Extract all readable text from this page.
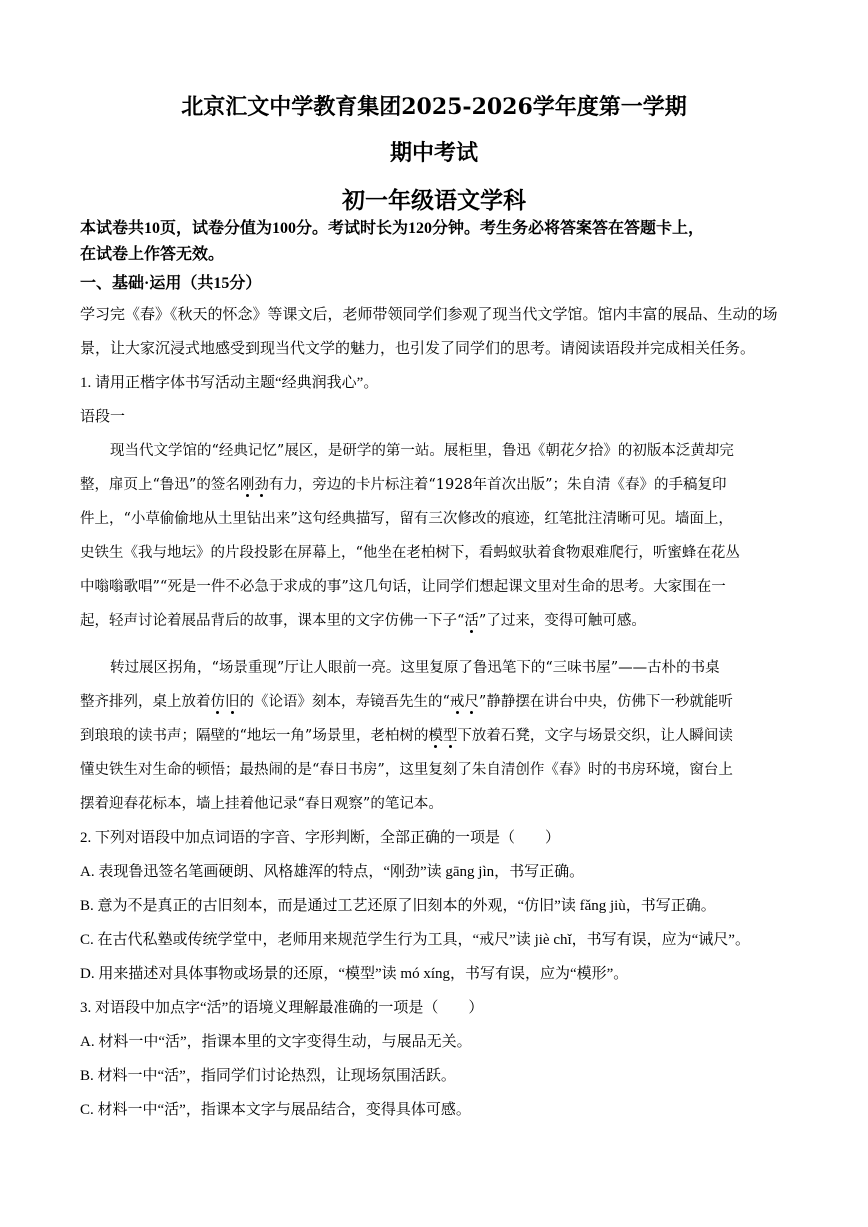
北京汇文中学教育集团2025-2026学年度第一学期
期中考试
初一年级语文学科
本试卷共10页，试卷分值为100分。考试时长为120分钟。考生务必将答案答在答题卡上，
在试卷上作答无效。
一、基础·运用（共15分）
学习完《春》《秋天的怀念》等课文后，老师带领同学们参观了现当代文学馆。馆内丰富的展品、生动的场
景，让大家沉浸式地感受到现当代文学的魅力，也引发了同学们的思考。请阅读语段并完成相关任务。
1. 请用正楷字体书写活动主题“经典润我心”。
语段一
现当代文学馆的“经典记忆”展区，是研学的第一站。展柜里，鲁迅《朝花夕拾》的初版本泛黄却完
整，扉页上“鲁迅”的签名刚劲有力，旁边的卡片标注着“1928年首次出版”；朱自清《春》的手稿复印
件上，“小草偷偷地从土里钻出来”这句经典描写，留有三次修改的痕迹，红笔批注清晰可见。墙面上，
史铁生《我与地坛》的片段投影在屏幕上，“他坐在老柏树下，看蚂蚁驮着食物艰难爬行，听蜜蜂在花丛
中嗡嗡歌唱”“死是一件不必急于求成的事”这几句话，让同学们想起课文里对生命的思考。大家围在一
起，轻声讨论着展品背后的故事，课本里的文字仿佛一下子“活”了过来，变得可触可感。
转过展区拐角，“场景重现”厅让人眼前一亮。这里复原了鲁迅笔下的“三味书屋”——古朴的书桌
整齐排列，桌上放着仿旧的《论语》刻本，寿镜吾先生的“戒尺”静静摆在讲台中央，仿佛下一秒就能听
到琅琅的读书声；隔壁的“地坛一角”场景里，老柏树的模型下放着石凳，文字与场景交织，让人瞬间读
懂史铁生对生命的顿悟；最热闹的是“春日书房”，这里复刻了朱自清创作《春》时的书房环境，窗台上
摆着迎春花标本，墙上挂着他记录“春日观察”的笔记本。
2. 下列对语段中加点词语的字音、字形判断，全部正确的一项是（　　）
A. 表现鲁迅签名笔画硬朗、风格雄浑的特点，“刚劲”读 gāng jìn，书写正确。
B. 意为不是真正的古旧刻本，而是通过工艺还原了旧刻本的外观，“仿旧”读 fǎng jiù，书写正确。
C. 在古代私塾或传统学堂中，老师用来规范学生行为工具，“戒尺”读 jiè chǐ，书写有误，应为“诫尺”。
D. 用来描述对具体事物或场景的还原，“模型”读 mó xíng，书写有误，应为“模形”。
3. 对语段中加点字“活”的语境义理解最准确的一项是（　　）
A. 材料一中“活”，指课本里的文字变得生动，与展品无关。
B. 材料一中“活”，指同学们讨论热烈，让现场氛围活跃。
C. 材料一中“活”，指课本文字与展品结合，变得具体可感。
